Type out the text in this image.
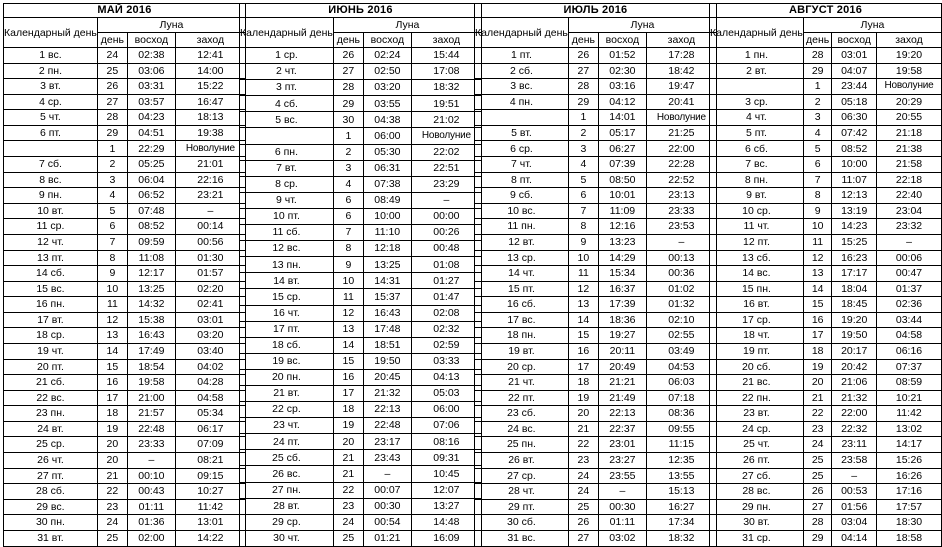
МАЙ 2016			
Календарный день	Луна		
	день	восход	заход
1 вс.	24	02:38	12:41
2 пн.	25	03:06	14:00
3 вт.	26	03:31	15:22
4 ср.	27	03:57	16:47
5 чт.	28	04:23	18:13
6 пт.	29	04:51	19:38
	1	22:29	Новолуние
7 сб.	2	05:25	21:01
8 вс.	3	06:04	22:16
9 пн.	4	06:52	23:21
10 вт.	5	07:48	–
11 ср.	6	08:52	00:14
12 чт.	7	09:59	00:56
13 пт.	8	11:08	01:30
14 сб.	9	12:17	01:57
15 вс.	10	13:25	02:20
16 пн.	11	14:32	02:41
17 вт.	12	15:38	03:01
18 ср.	13	16:43	03:20
19 чт.	14	17:49	03:40
20 пт.	15	18:54	04:02
21 сб.	16	19:58	04:28
22 вс.	17	21:00	04:58
23 пн.	18	21:57	05:34
24 вт.	19	22:48	06:17
25 ср.	20	23:33	07:09
26 чт.	20	–	08:21
27 пт.	21	00:10	09:15
28 сб.	22	00:43	10:27
29 вс.	23	01:11	11:42
30 пн.	24	01:36	13:01
31 вт.	25	02:00	14:22
ИЮНЬ 2016			
Календарный день	Луна		
	день	восход	заход
1 ср.	26	02:24	15:44
2 чт.	27	02:50	17:08
3 пт.	28	03:20	18:32
4 сб.	29	03:55	19:51
5 вс.	30	04:38	21:02
	1	06:00	Новолуние
6 пн.	2	05:30	22:02
7 вт.	3	06:31	22:51
8 ср.	4	07:38	23:29
9 чт.	6	08:49	–
10 пт.	6	10:00	00:00
11 сб.	7	11:10	00:26
12 вс.	8	12:18	00:48
13 пн.	9	13:25	01:08
14 вт.	10	14:31	01:27
15 ср.	11	15:37	01:47
16 чт.	12	16:43	02:08
17 пт.	13	17:48	02:32
18 сб.	14	18:51	02:59
19 вс.	15	19:50	03:33
20 пн.	16	20:45	04:13
21 вт.	17	21:32	05:03
22 ср.	18	22:13	06:00
23 чт.	19	22:48	07:06
24 пт.	20	23:17	08:16
25 сб.	21	23:43	09:31
26 вс.	21	–	10:45
27 пн.	22	00:07	12:07
28 вт.	23	00:30	13:27
29 ср.	24	00:54	14:48
30 чт.	25	01:21	16:09
ИЮЛЬ 2016			
Календарный день	Луна		
	день	восход	заход
1 пт.	26	01:52	17:28
2 сб.	27	02:30	18:42
3 вс.	28	03:16	19:47
4 пн.	29	04:12	20:41
	1	14:01	Новолуние
5 вт.	2	05:17	21:25
6 ср.	3	06:27	22:00
7 чт.	4	07:39	22:28
8 пт.	5	08:50	22:52
9 сб.	6	10:01	23:13
10 вс.	7	11:09	23:33
11 пн.	8	12:16	23:53
12 вт.	9	13:23	–
13 ср.	10	14:29	00:13
14 чт.	11	15:34	00:36
15 пт.	12	16:37	01:02
16 сб.	13	17:39	01:32
17 вс.	14	18:36	02:10
18 пн.	15	19:27	02:55
19 вт.	16	20:11	03:49
20 ср.	17	20:49	04:53
21 чт.	18	21:21	06:03
22 пт.	19	21:49	07:18
23 сб.	20	22:13	08:36
24 вс.	21	22:37	09:55
25 пн.	22	23:01	11:15
26 вт.	23	23:27	12:35
27 ср.	24	23:55	13:55
28 чт.	24	–	15:13
29 пт.	25	00:30	16:27
30 сб.	26	01:11	17:34
31 вс.	27	03:02	18:32
АВГУСТ 2016			
Календарный день	Луна		
	день	восход	заход
1 пн.	28	03:01	19:20
2 вт.	29	04:07	19:58
	1	23:44	Новолуние
3 ср.	2	05:18	20:29
4 чт.	3	06:30	20:55
5 пт.	4	07:42	21:18
6 сб.	5	08:52	21:38
7 вс.	6	10:00	21:58
8 пн.	7	11:07	22:18
9 вт.	8	12:13	22:40
10 ср.	9	13:19	23:04
11 чт.	10	14:23	23:32
12 пт.	11	15:25	–
13 сб.	12	16:23	00:06
14 вс.	13	17:17	00:47
15 пн.	14	18:04	01:37
16 вт.	15	18:45	02:36
17 ср.	16	19:20	03:44
18 чт.	17	19:50	04:58
19 пт.	18	20:17	06:16
20 сб.	19	20:42	07:37
21 вс.	20	21:06	08:59
22 пн.	21	21:32	10:21
23 вт.	22	22:00	11:42
24 ср.	23	22:32	13:02
25 чт.	24	23:11	14:17
26 пт.	25	23:58	15:26
27 сб.	25	–	16:26
28 вс.	26	00:53	17:16
29 пн.	27	01:56	17:57
30 вт.	28	03:04	18:30
31 ср.	29	04:14	18:58
